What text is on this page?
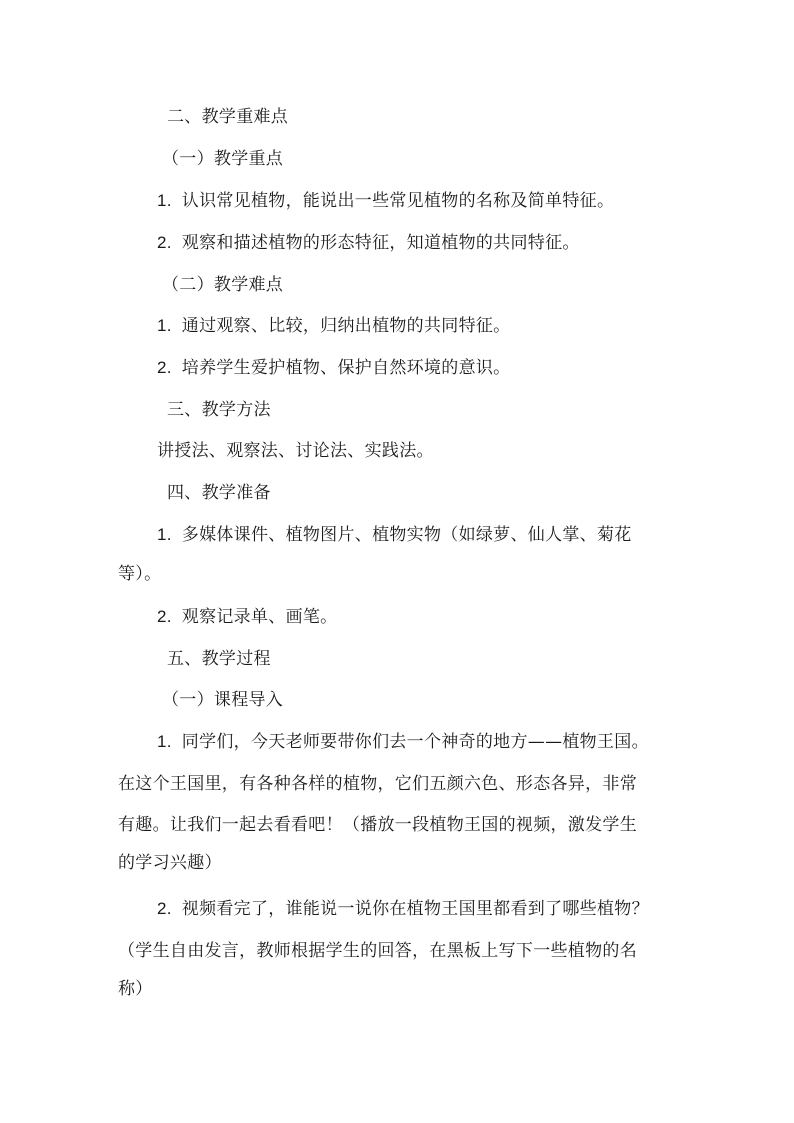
二、教学重难点
（一）教学重点
1. 认识常见植物，能说出一些常见植物的名称及简单特征。
2. 观察和描述植物的形态特征，知道植物的共同特征。
（二）教学难点
1. 通过观察、比较，归纳出植物的共同特征。
2. 培养学生爱护植物、保护自然环境的意识。
三、教学方法
讲授法、观察法、讨论法、实践法。
四、教学准备
1. 多媒体课件、植物图片、植物实物（如绿萝、仙人掌、菊花
等）。
2. 观察记录单、画笔。
五、教学过程
（一）课程导入
1. 同学们，今天老师要带你们去一个神奇的地方——植物王国。
在这个王国里，有各种各样的植物，它们五颜六色、形态各异，非常
有趣。让我们一起去看看吧！（播放一段植物王国的视频，激发学生
的学习兴趣）
2. 视频看完了，谁能说一说你在植物王国里都看到了哪些植物？
（学生自由发言，教师根据学生的回答，在黑板上写下一些植物的名
称）
